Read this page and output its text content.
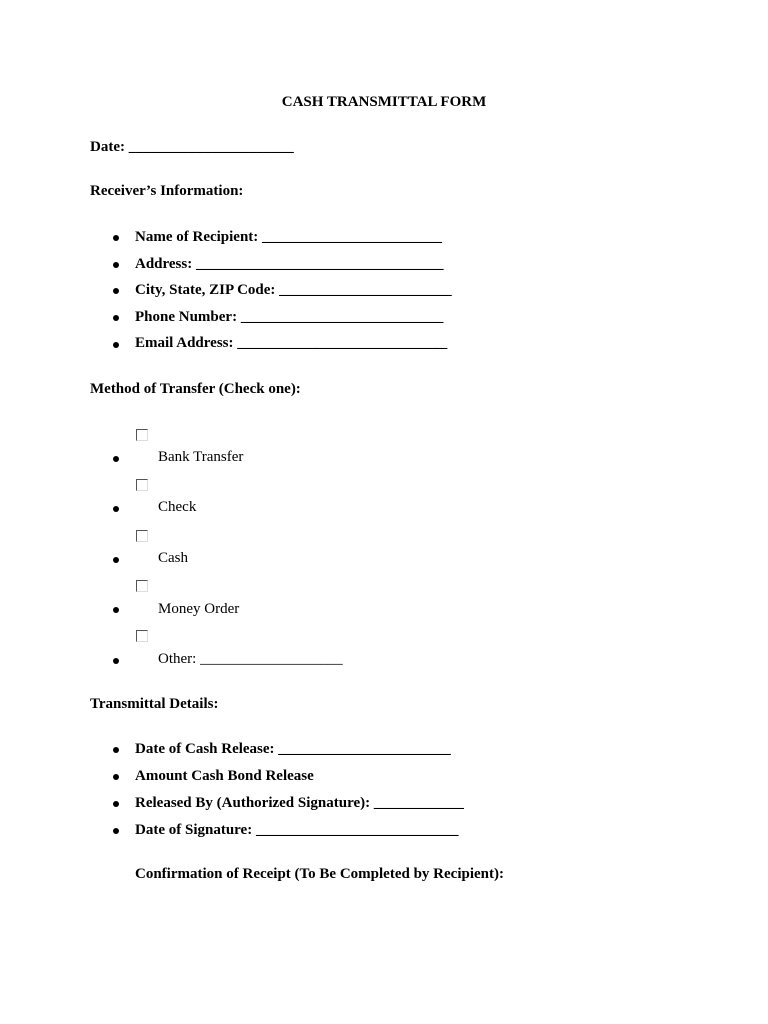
CASH TRANSMITTAL FORM
Date: ______________________
Receiver’s Information:
Name of Recipient: ________________________
Address: _________________________________
City, State, ZIP Code: _______________________
Phone Number: ___________________________
Email Address: ____________________________
Method of Transfer (Check one):
Bank Transfer
Check
Cash
Money Order
Other: ___________________
Transmittal Details:
Date of Cash Release: _______________________
Amount Cash Bond Release
Released By (Authorized Signature): ____________
Date of Signature: ___________________________
Confirmation of Receipt (To Be Completed by Recipient):
